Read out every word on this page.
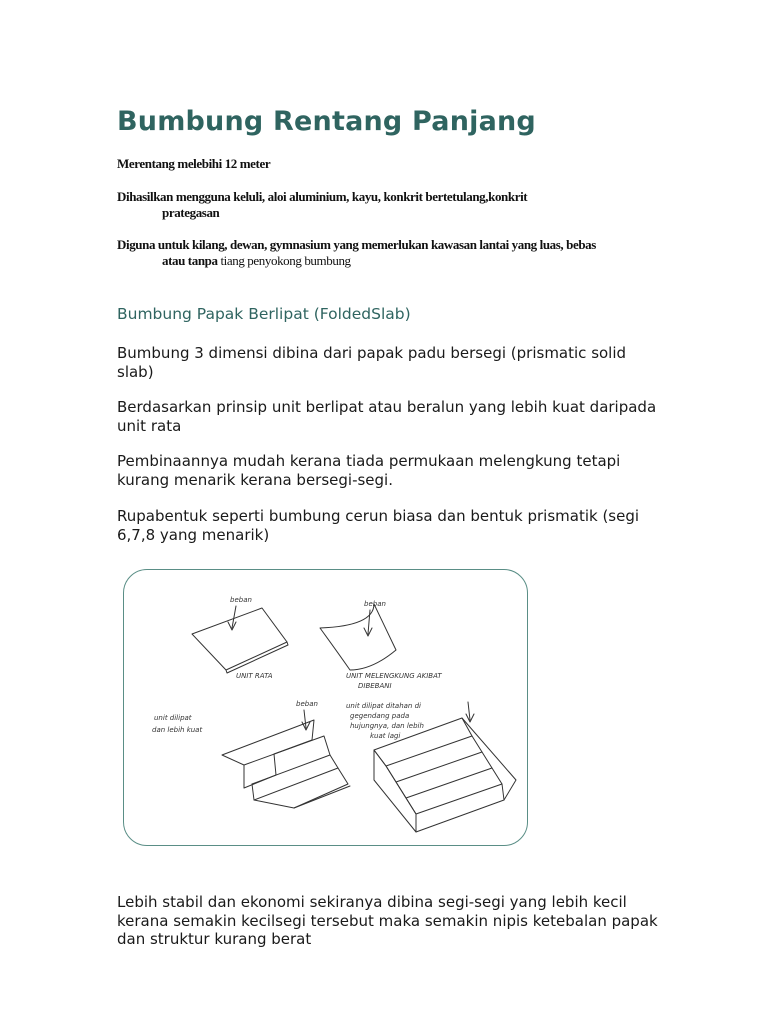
Bumbung Rentang Panjang

Merentang melebihi 12 meter

Dihasilkan mengguna keluli, aloi aluminium, kayu, konkrit bertetulang,konkrit
prategasan

Diguna untuk kilang, dewan, gymnasium yang memerlukan kawasan lantai yang luas, bebas
atau tanpa tiang penyokong bumbung

Bumbung Papak Berlipat (FoldedSlab)

Bumbung 3 dimensi dibina dari papak padu bersegi (prismatic solid slab)

Berdasarkan prinsip unit berlipat atau beralun yang lebih kuat daripada unit rata

Pembinaannya mudah kerana tiada permukaan melengkung tetapi kurang menarik kerana bersegi-segi.

Rupabentuk seperti bumbung cerun biasa dan bentuk prismatik (segi 6,7,8 yang menarik)

beban
UNIT RATA
beban
UNIT MELENGKUNG AKIBAT
DIBEBANI
unit dilipat
dan lebih kuat
beban	unit dilipat ditahan di
gegendang pada
hujungnya, dan lebih
kuat lagi

Lebih stabil dan ekonomi sekiranya dibina segi-segi yang lebih kecil kerana semakin kecilsegi tersebut maka semakin nipis ketebalan papak dan struktur kurang berat
